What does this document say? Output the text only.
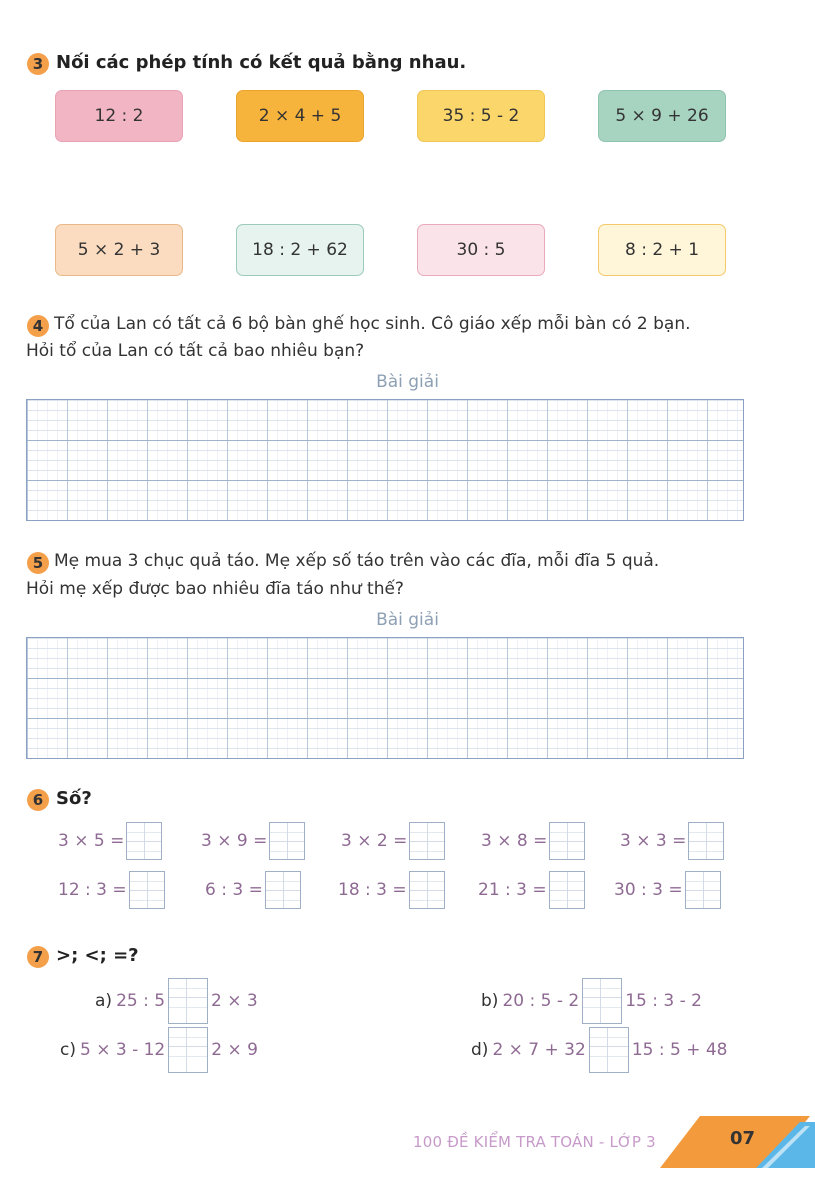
3 Nối các phép tính có kết quả bằng nhau.
12 : 2	2 × 4 + 5	35 : 5 - 2	5 × 9 + 26
5 × 2 + 3	18 : 2 + 62	30 : 5	8 : 2 + 1
4 Tổ của Lan có tất cả 6 bộ bàn ghế học sinh. Cô giáo xếp mỗi bàn có 2 bạn.
Hỏi tổ của Lan có tất cả bao nhiêu bạn?
Bài giải
5 Mẹ mua 3 chục quả táo. Mẹ xếp số táo trên vào các đĩa, mỗi đĩa 5 quả.
Hỏi mẹ xếp được bao nhiêu đĩa táo như thế?
Bài giải
6 Số?
3 × 5 =	3 × 9 =	3 × 2 =	3 × 8 =	3 × 3 =
12 : 3 =	6 : 3 =	18 : 3 =	21 : 3 =	30 : 3 =
7 >; <; =?
a) 25 : 5	2 × 3	b) 20 : 5 - 2	15 : 3 - 2
c) 5 × 3 - 12	2 × 9	d) 2 × 7 + 32	15 : 5 + 48
100 ĐỀ KIỂM TRA TOÁN - LỚP 3	07
